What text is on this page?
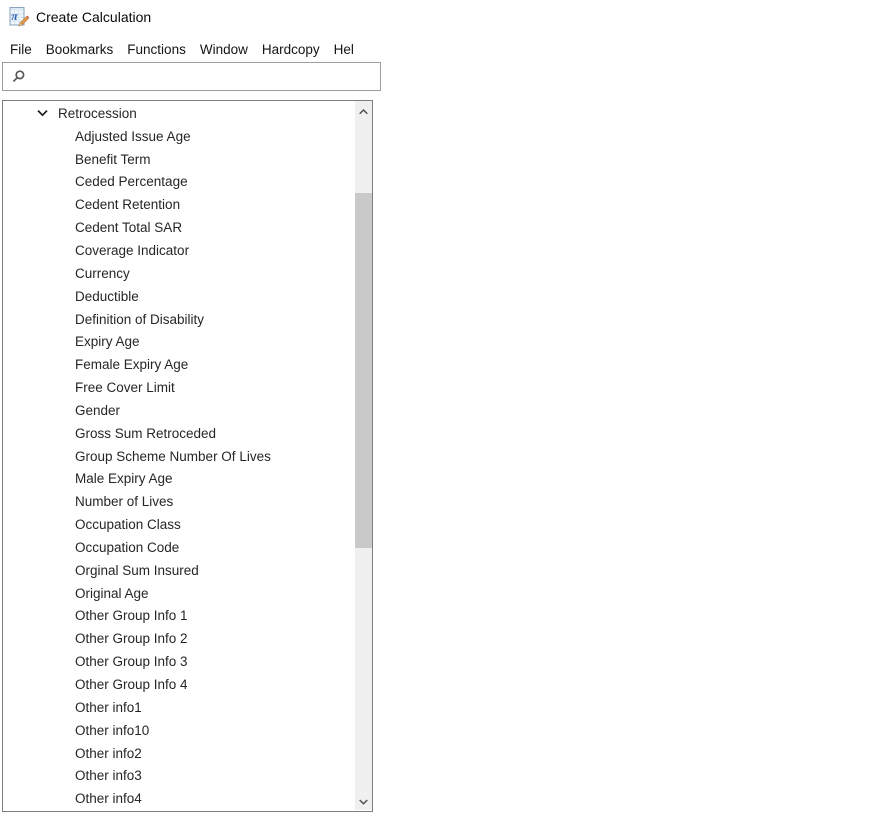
π Create Calculation
File Bookmarks Functions Window Hardcopy Hel
Retrocession
Adjusted Issue Age
Benefit Term
Ceded Percentage
Cedent Retention
Cedent Total SAR
Coverage Indicator
Currency
Deductible
Definition of Disability
Expiry Age
Female Expiry Age
Free Cover Limit
Gender
Gross Sum Retroceded
Group Scheme Number Of Lives
Male Expiry Age
Number of Lives
Occupation Class
Occupation Code
Orginal Sum Insured
Original Age
Other Group Info 1
Other Group Info 2
Other Group Info 3
Other Group Info 4
Other info1
Other info10
Other info2
Other info3
Other info4
